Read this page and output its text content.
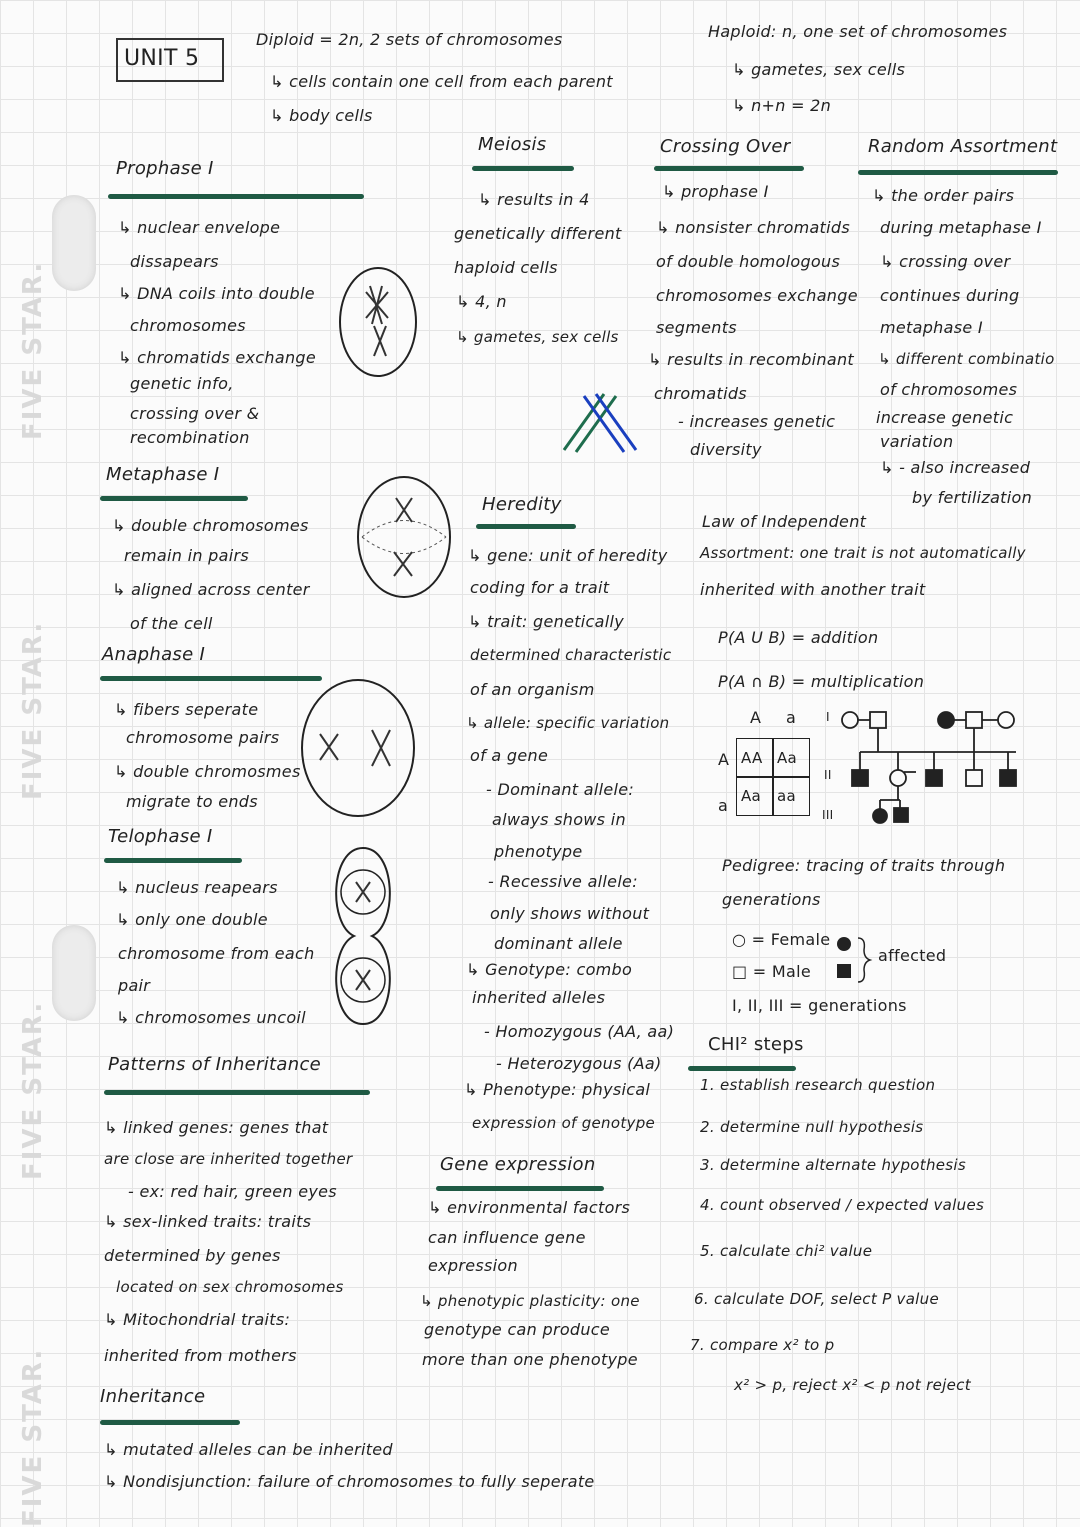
FIVE STAR.
FIVE STAR.
FIVE STAR.
FIVE STAR.
UNIT 5
Diploid = 2n, 2 sets of chromosomes
↳ cells contain one cell from each parent
↳ body cells
Haploid: n, one set of chromosomes
↳ gametes, sex cells
↳ n+n = 2n
Prophase I
↳ nuclear envelope
dissapears
↳ DNA coils into double
chromosomes
↳ chromatids exchange
genetic info,
crossing over &
recombination
Metaphase I
↳ double chromosomes
remain in pairs
↳ aligned across center
of the cell
Anaphase I
↳ fibers seperate
chromosome pairs
↳ double chromosmes
migrate to ends
Telophase I
↳ nucleus reapears
↳ only one double
chromosome from each
pair
↳ chromosomes uncoil
Patterns of Inheritance
↳ linked genes: genes that
are close are inherited together
- ex: red hair, green eyes
↳ sex-linked traits: traits
determined by genes
located on sex chromosomes
↳ Mitochondrial traits:
inherited from mothers
Inheritance
↳ mutated alleles can be inherited
↳ Nondisjunction: failure of chromosomes to fully seperate
Meiosis
↳ results in 4
genetically different
haploid cells
↳ 4, n
↳ gametes, sex cells
Crossing Over
↳ prophase I
↳ nonsister chromatids
of double homologous
chromosomes exchange
segments
↳ results in recombinant
chromatids
- increases genetic
diversity
Random Assortment
↳ the order pairs
during metaphase I
↳ crossing over
continues during
metaphase I
↳ different combinatio
of chromosomes
increase genetic
variation
↳ - also increased
by fertilization
Heredity
↳ gene: unit of heredity
coding for a trait
↳ trait: genetically
determined characteristic
of an organism
↳ allele: specific variation
of a gene
- Dominant allele:
always shows in
phenotype
- Recessive allele:
only shows without
dominant allele
↳ Genotype: combo
inherited alleles
- Homozygous (AA, aa)
- Heterozygous (Aa)
↳ Phenotype: physical
expression of genotype
Law of Independent
Assortment: one trait is not automatically
inherited with another trait
P(A U B) = addition
P(A ∩ B) = multiplication
A a
A
a
AA Aa
Aa aa
I
II
III
Pedigree: tracing of traits through
generations
○ = Female
□ = Male
I, II, III = generations
affected
Gene expression
↳ environmental factors
can influence gene
expression
↳ phenotypic plasticity: one
genotype can produce
more than one phenotype
CHI² steps
1. establish research question
2. determine null hypothesis
3. determine alternate hypothesis
4. count observed / expected values
5. calculate chi² value
6. calculate DOF, select P value
7. compare x² to p
x² > p, reject x² < p not reject
